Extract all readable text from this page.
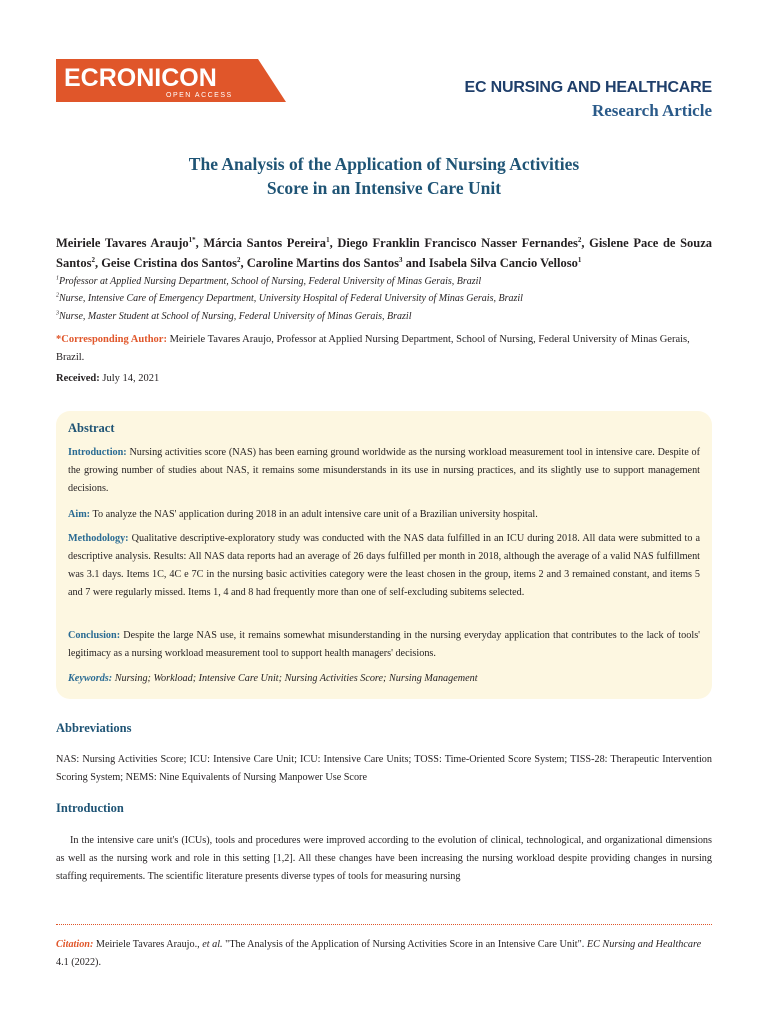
ECRONICON
OPEN ACCESS	EC NURSING AND HEALTHCARE
Research Article
The Analysis of the Application of Nursing Activities
Score in an Intensive Care Unit
Meiriele Tavares Araujo$^{1*}$, Márcia Santos Pereira$^1$, Diego Franklin Francisco Nasser Fernandes$^2$, Gislene Pace de Souza Santos$^2$, Geise Cristina dos Santos$^2$, Caroline Martins dos Santos$^3$ and Isabela Silva Cancio Velloso$^1$
$^1$Professor at Applied Nursing Department, School of Nursing, Federal University of Minas Gerais, Brazil
$^2$Nurse, Intensive Care of Emergency Department, University Hospital of Federal University of Minas Gerais, Brazil
$^3$Nurse, Master Student at School of Nursing, Federal University of Minas Gerais, Brazil
*Corresponding Author: Meiriele Tavares Araujo, Professor at Applied Nursing Department, School of Nursing, Federal University of Minas Gerais, Brazil.
Received: July 14, 2021
Abstract
Introduction: Nursing activities score (NAS) has been earning ground worldwide as the nursing workload measurement tool in intensive care. Despite of the growing number of studies about NAS, it remains some misunderstands in its use in nursing practices, and its slightly use to support management decisions.
Aim: To analyze the NAS' application during 2018 in an adult intensive care unit of a Brazilian university hospital.
Methodology: Qualitative descriptive-exploratory study was conducted with the NAS data fulfilled in an ICU during 2018. All data were submitted to a descriptive analysis. Results: All NAS data reports had an average of 26 days fulfilled per month in 2018, although the average of a valid NAS fulfillment was 3.1 days. Items 1C, 4C e 7C in the nursing basic activities category were the least chosen in the group, items 2 and 3 remained constant, and items 5 and 7 were regularly missed. Items 1, 4 and 8 had frequently more than one of self-excluding subitems selected.
Conclusion: Despite the large NAS use, it remains somewhat misunderstanding in the nursing everyday application that contributes to the lack of tools' legitimacy as a nursing workload measurement tool to support health managers' decisions.
Keywords: Nursing; Workload; Intensive Care Unit; Nursing Activities Score; Nursing Management
Abbreviations
NAS: Nursing Activities Score; ICU: Intensive Care Unit; ICU: Intensive Care Units; TOSS: Time-Oriented Score System; TISS-28: Therapeutic Intervention Scoring System; NEMS: Nine Equivalents of Nursing Manpower Use Score
Introduction
In the intensive care unit's (ICUs), tools and procedures were improved according to the evolution of clinical, technological, and organizational dimensions as well as the nursing work and role in this setting [1,2]. All these changes have been increasing the nursing workload despite providing changes in nursing staffing requirements. The scientific literature presents diverse types of tools for measuring nursing
Citation: Meiriele Tavares Araujo., et al. "The Analysis of the Application of Nursing Activities Score in an Intensive Care Unit". EC Nursing and Healthcare 4.1 (2022).
